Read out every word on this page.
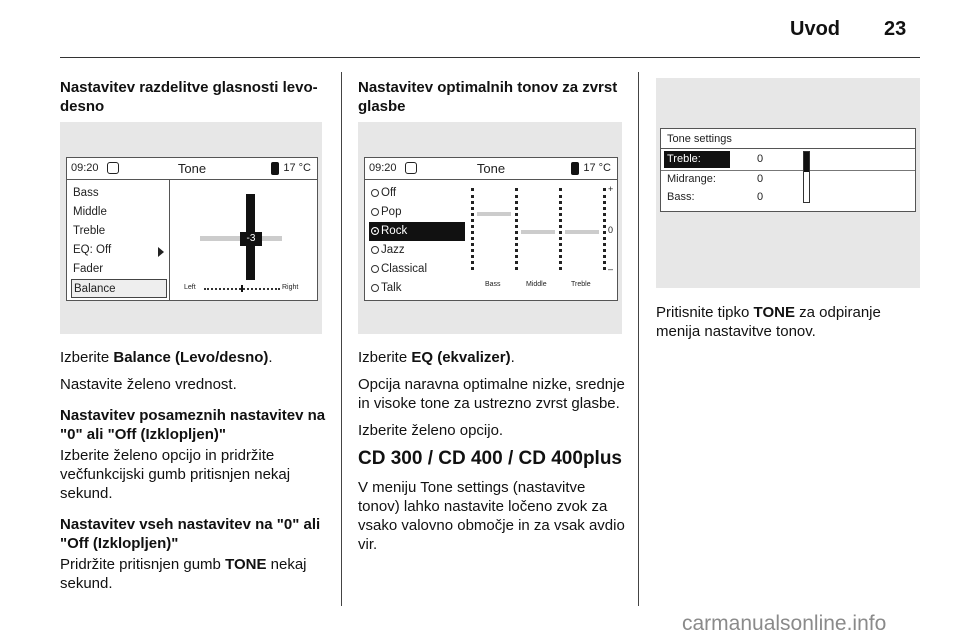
Uvod 23

Nastavitev razdelitve glasnosti levo-desno

09:20	Tone	17 °C
Bass
Middle
Treble
EQ: Off
Fader
Balance
-3
Left	Right

Izberite Balance (Levo/desno).

Nastavite želeno vrednost.

Nastavitev posameznih nastavitev na "0" ali "Off (Izklopljen)"

Izberite želeno opcijo in pridržite večfunkcijski gumb pritisnjen nekaj sekund.

Nastavitev vseh nastavitev na "0" ali "Off (Izklopljen)"

Pridržite pritisnjen gumb TONE nekaj sekund.

Nastavitev optimalnih tonov za zvrst glasbe

09:20	Tone	17 °C
Off
Pop
Rock
Jazz
Classical
Talk
+
0
–
Bass	Middle	Treble

Izberite EQ (ekvalizer).

Opcija naravna optimalne nizke, srednje in visoke tone za ustrezno zvrst glasbe.

Izberite želeno opcijo.

CD 300 / CD 400 / CD 400plus

V meniju Tone settings (nastavitve tonov) lahko nastavite ločeno zvok za vsako valovno območje in za vsak avdio vir.

Tone settings
Treble:	0
Midrange:	0
Bass:	0

Pritisnite tipko TONE za odpiranje menija nastavitve tonov.

carmanualsonline.info
